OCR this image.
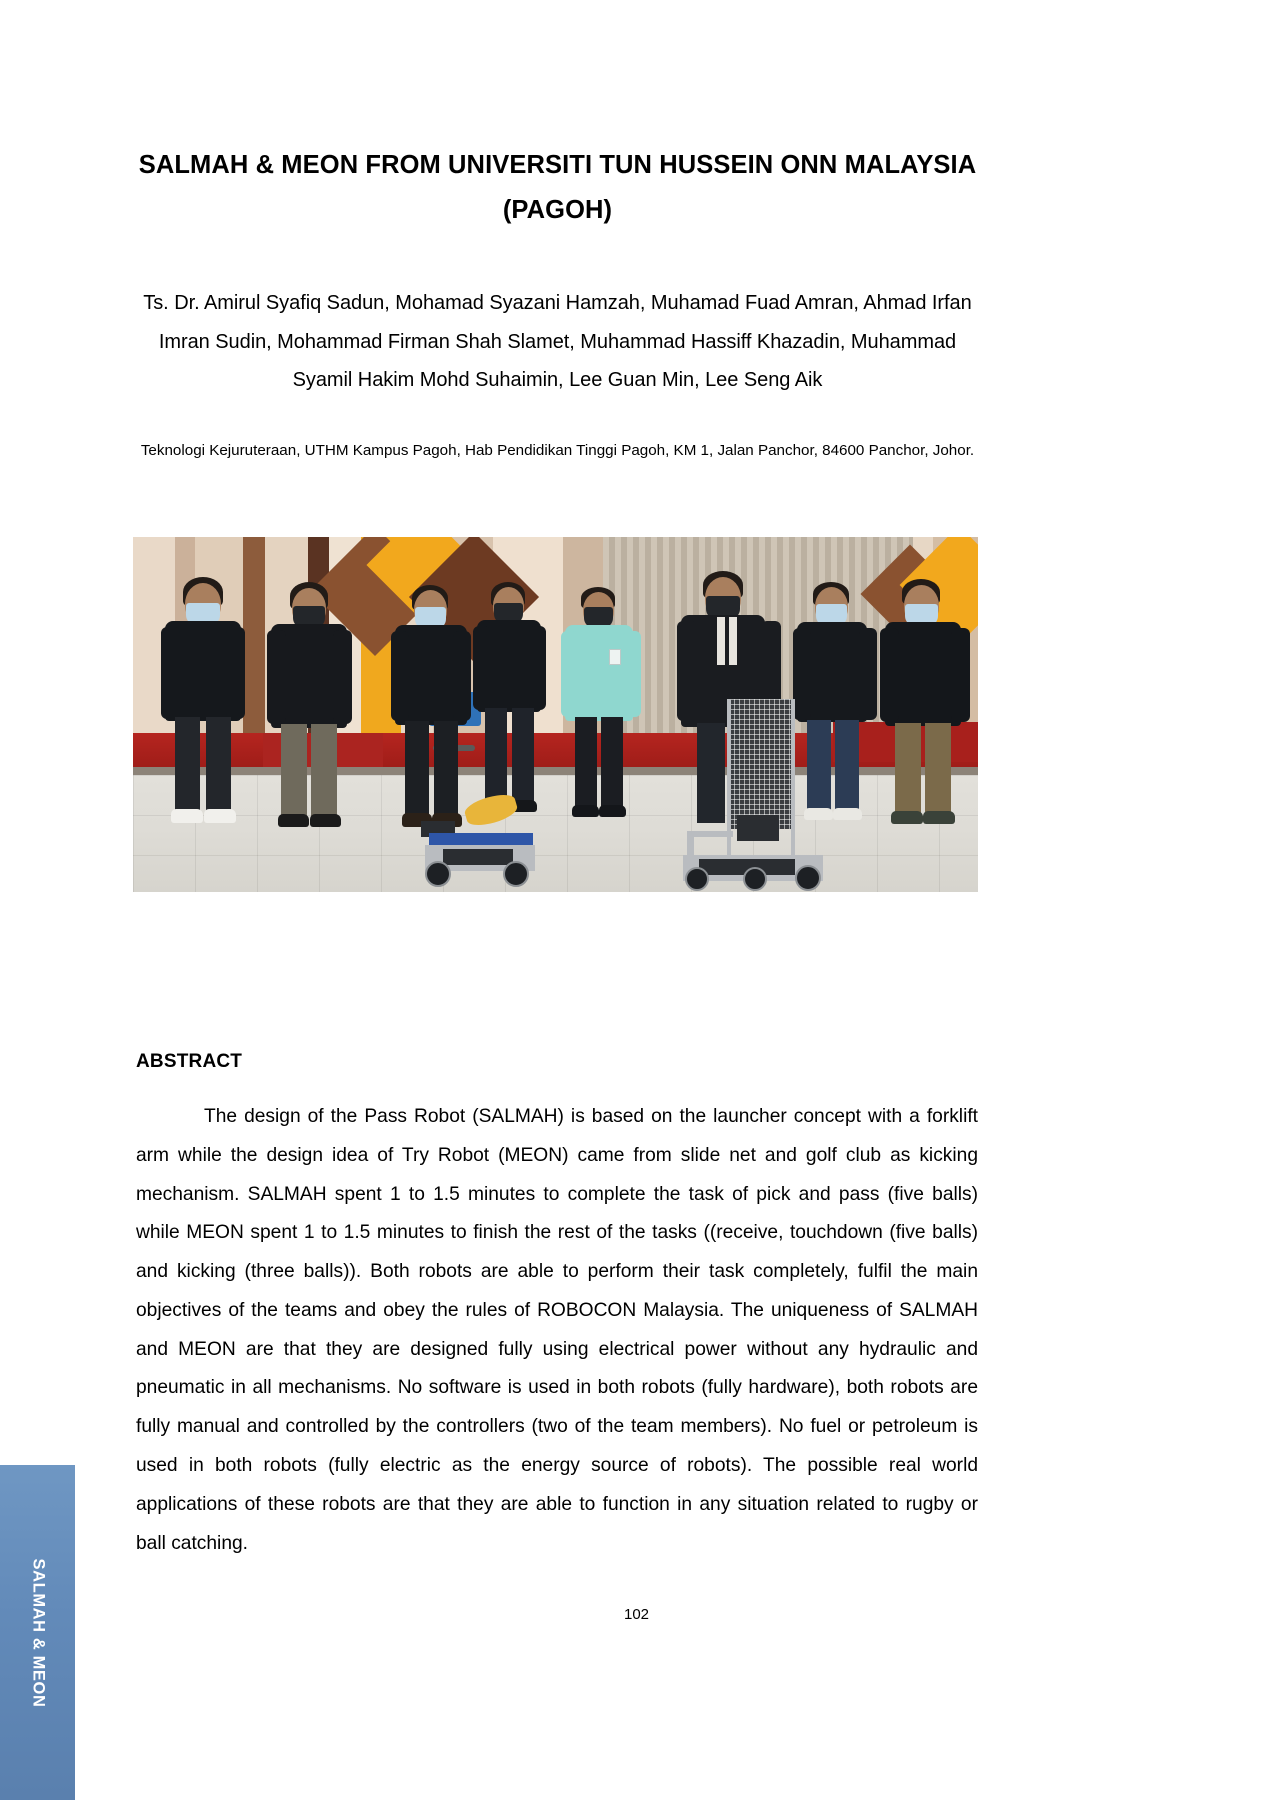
SALMAH & MEON
SALMAH & MEON FROM UNIVERSITI TUN HUSSEIN ONN MALAYSIA (PAGOH)

Ts. Dr. Amirul Syafiq Sadun, Mohamad Syazani Hamzah, Muhamad Fuad Amran, Ahmad Irfan Imran Sudin, Mohammad Firman Shah Slamet, Muhammad Hassiff Khazadin, Muhammad Syamil Hakim Mohd Suhaimin, Lee Guan Min, Lee Seng Aik

Teknologi Kejuruteraan, UTHM Kampus Pagoh, Hab Pendidikan Tinggi Pagoh, KM 1, Jalan Panchor, 84600 Panchor, Johor.

ABSTRACT
The design of the Pass Robot (SALMAH) is based on the launcher concept with a forklift arm while the design idea of Try Robot (MEON) came from slide net and golf club as kicking mechanism. SALMAH spent 1 to 1.5 minutes to complete the task of pick and pass (five balls) while MEON spent 1 to 1.5 minutes to finish the rest of the tasks ((receive, touchdown (five balls) and kicking (three balls)). Both robots are able to perform their task completely, fulfil the main objectives of the teams and obey the rules of ROBOCON Malaysia. The uniqueness of SALMAH and MEON are that they are designed fully using electrical power without any hydraulic and pneumatic in all mechanisms. No software is used in both robots (fully hardware), both robots are fully manual and controlled by the controllers (two of the team members). No fuel or petroleum is used in both robots (fully electric as the energy source of robots). The possible real world applications of these robots are that they are able to function in any situation related to rugby or ball catching.
102
